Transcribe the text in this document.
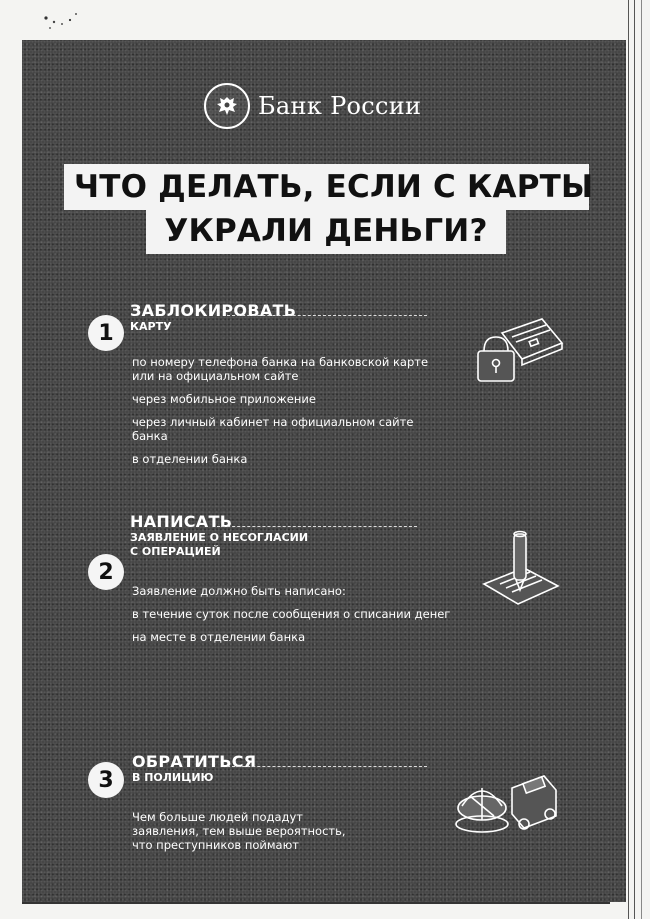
Банк России
ЧТО ДЕЛАТЬ, ЕСЛИ С КАРТЫ
УКРАЛИ ДЕНЬГИ?
1
ЗАБЛОКИРОВАТЬ
КАРТУ
по номеру телефона банка на банковской карте или на официальном сайте
через мобильное приложение
через личный кабинет на официальном сайте банка
в отделении банка
2
НАПИСАТЬ
ЗАЯВЛЕНИЕ О НЕСОГЛАСИИ
С ОПЕРАЦИЕЙ
Заявление должно быть написано:
в течение суток после сообщения о списании денег
на месте в отделении банка
3
ОБРАТИТЬСЯ
В ПОЛИЦИЮ
Чем больше людей подадут заявления, тем выше вероятность, что преступников поймают
